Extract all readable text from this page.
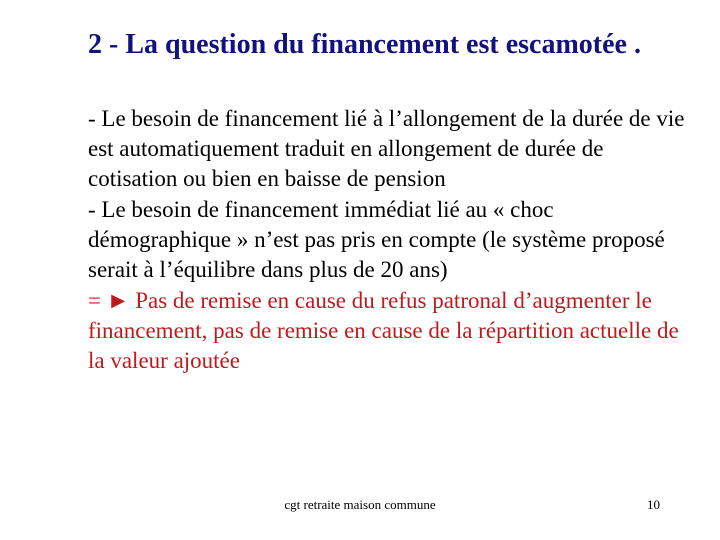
2 - La question du financement est escamotée .

- Le besoin de financement lié à l’allongement de la durée de vie est automatiquement traduit en allongement de durée de cotisation ou bien en baisse de pension

- Le besoin de financement immédiat lié au « choc démographique » n’est pas pris en compte (le système proposé serait à l’équilibre dans plus de 20 ans)

= ► Pas de remise en cause du refus patronal d’augmenter le financement, pas de remise en cause de la répartition actuelle de la valeur ajoutée

cgt retraite maison commune	10
